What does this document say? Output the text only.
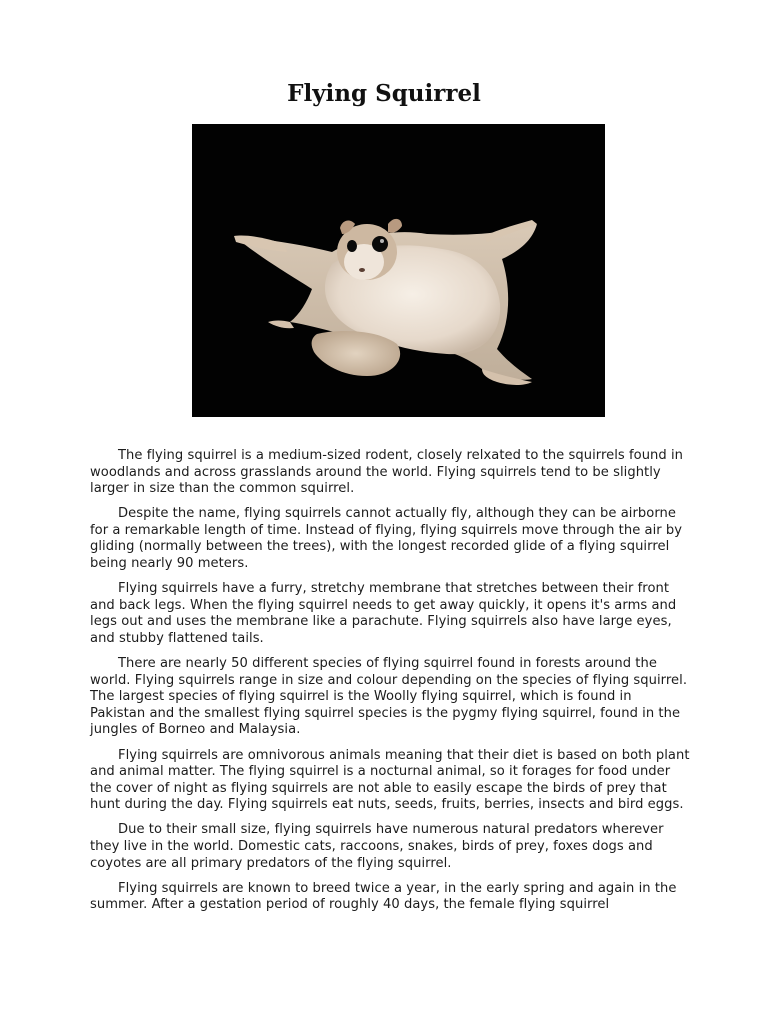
Flying Squirrel

The flying squirrel is a medium-sized rodent, closely relxated to the squirrels found in woodlands and across grasslands around the world. Flying squirrels tend to be slightly larger in size than the common squirrel.

Despite the name, flying squirrels cannot actually fly, although they can be airborne for a remarkable length of time. Instead of flying, flying squirrels move through the air by gliding (normally between the trees), with the longest recorded glide of a flying squirrel being nearly 90 meters.

Flying squirrels have a furry, stretchy membrane that stretches between their front and back legs. When the flying squirrel needs to get away quickly, it opens it's arms and legs out and uses the membrane like a parachute. Flying squirrels also have large eyes, and stubby flattened tails.

There are nearly 50 different species of flying squirrel found in forests around the world. Flying squirrels range in size and colour depending on the species of flying squirrel. The largest species of flying squirrel is the Woolly flying squirrel, which is found in Pakistan and the smallest flying squirrel species is the pygmy flying squirrel, found in the jungles of Borneo and Malaysia.

Flying squirrels are omnivorous animals meaning that their diet is based on both plant and animal matter. The flying squirrel is a nocturnal animal, so it forages for food under the cover of night as flying squirrels are not able to easily escape the birds of prey that hunt during the day. Flying squirrels eat nuts, seeds, fruits, berries, insects and bird eggs.

Due to their small size, flying squirrels have numerous natural predators wherever they live in the world. Domestic cats, raccoons, snakes, birds of prey, foxes dogs and coyotes are all primary predators of the flying squirrel.

Flying squirrels are known to breed twice a year, in the early spring and again in the summer. After a gestation period of roughly 40 days, the female flying squirrel
